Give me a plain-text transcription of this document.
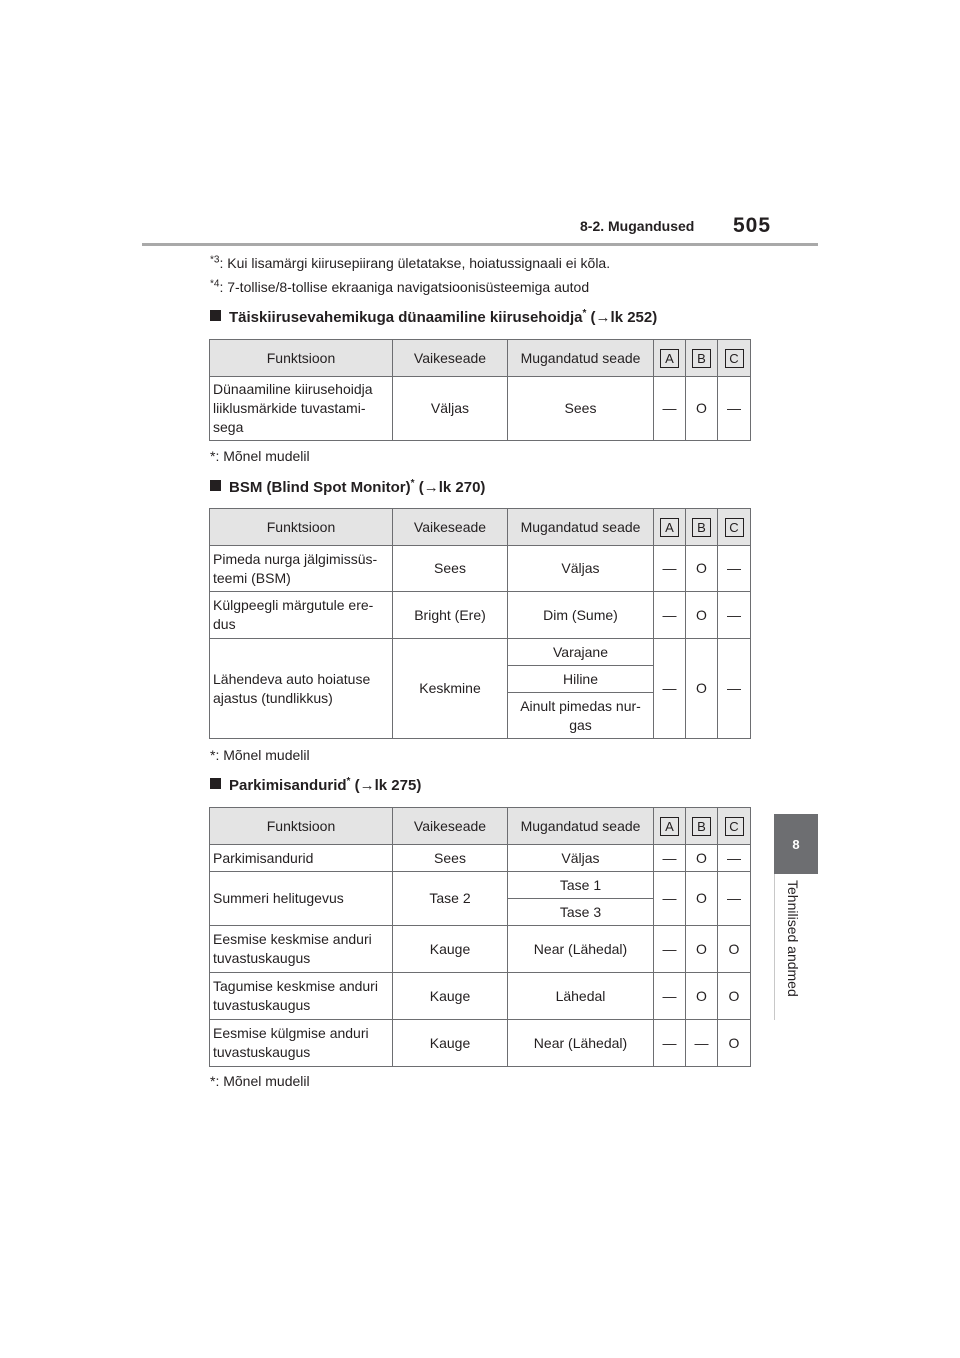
8-2. Mugandused 505
8
Tehnilised andmed
$^{*3}$: Kui lisamärgi kiirusepiirang ületatakse, hoiatussignaali ei kõla.
$^{*4}$: 7-tollise/8-tollise ekraaniga navigatsioonisüsteemiga autod
Täiskiirusevahemikuga dünaamiline kiirusehoidja* (→lk 252)
Funktsioon	Vaikeseade	Mugandatud seade	A	B	C
Dünaamiline kiirusehoidja liiklusmärkide tuvastami-sega	Väljas	Sees	—	O	—
*: Mõnel mudelil
BSM (Blind Spot Monitor)* (→lk 270)
Funktsioon	Vaikeseade	Mugandatud seade	A	B	C
Pimeda nurga jälgimissüs-teemi (BSM)	Sees	Väljas	—	O	—
Külgpeegli märgutule ere-dus	Bright (Ere)	Dim (Sume)	—	O	—
Lähendeva auto hoiatuse ajastus (tundlikkus)	Keskmine	Varajane	—	O	—
		Hiline			
		Ainult pimedas nur-gas			
*: Mõnel mudelil
Parkimisandurid* (→lk 275)
Funktsioon	Vaikeseade	Mugandatud seade	A	B	C
Parkimisandurid	Sees	Väljas	—	O	—
Summeri helitugevus	Tase 2	Tase 1	—	O	—
		Tase 3			
Eesmise keskmise anduri tuvastuskaugus	Kauge	Near (Lähedal)	—	O	O
Tagumise keskmise anduri tuvastuskaugus	Kauge	Lähedal	—	O	O
Eesmise külgmise anduri tuvastuskaugus	Kauge	Near (Lähedal)	—	—	O
*: Mõnel mudelil
